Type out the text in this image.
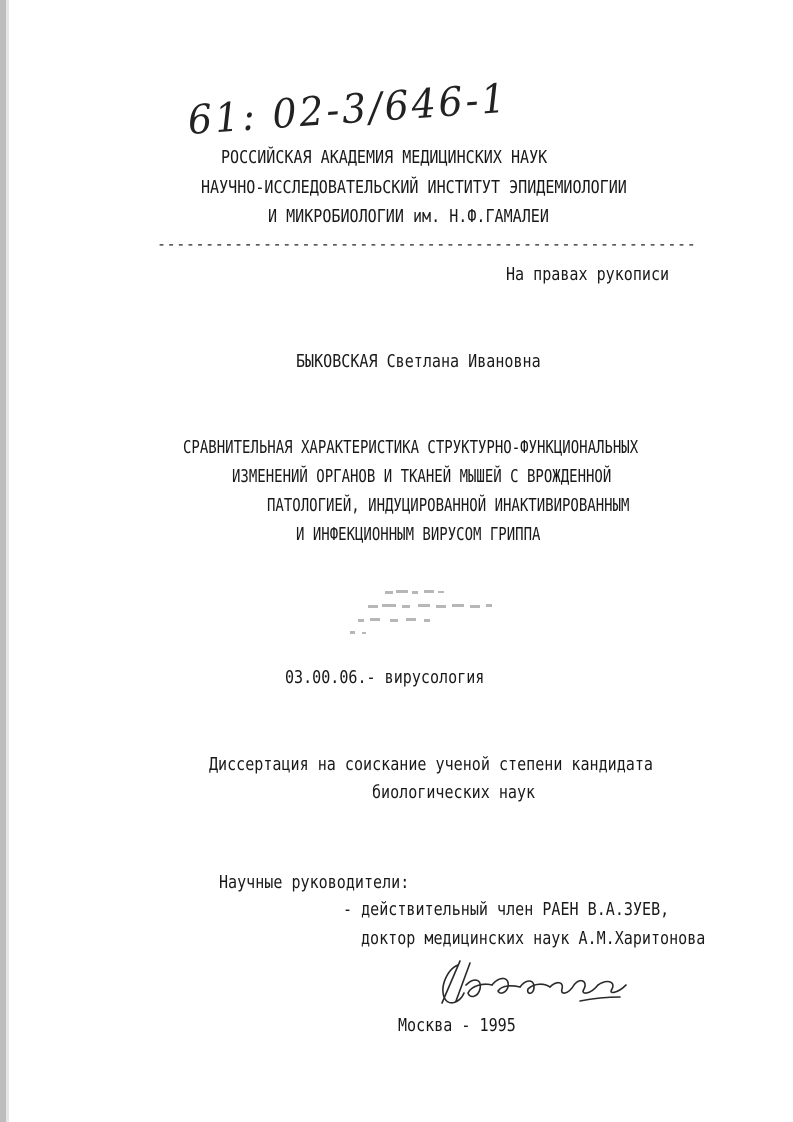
61: 02-3/646-1
РОССИЙСКАЯ АКАДЕМИЯ МЕДИЦИНСКИХ НАУК
НАУЧНО-ИССЛЕДОВАТЕЛЬСКИЙ ИНСТИТУТ ЭПИДЕМИОЛОГИИ
И МИКРОБИОЛОГИИ им. Н.Ф.ГАМАЛЕИ
--------------------------------------------------------
На правах рукописи
БЫКОВСКАЯ Светлана Ивановна
СРАВНИТЕЛЬНАЯ ХАРАКТЕРИСТИКА СТРУКТУРНО-ФУНКЦИОНАЛЬНЫХ
ИЗМЕНЕНИЙ ОРГАНОВ И ТКАНЕЙ МЫШЕЙ С ВРОЖДЕННОЙ
ПАТОЛОГИЕЙ, ИНДУЦИРОВАННОЙ ИНАКТИВИРОВАННЫМ
И ИНФЕКЦИОННЫМ ВИРУСОМ ГРИППА
03.00.06.- вирусология
Диссертация на соискание ученой степени кандидата
биологических наук
Научные руководители:
- действительный член РАЕН В.А.ЗУЕВ,
доктор медицинских наук А.М.Харитонова
Москва - 1995
